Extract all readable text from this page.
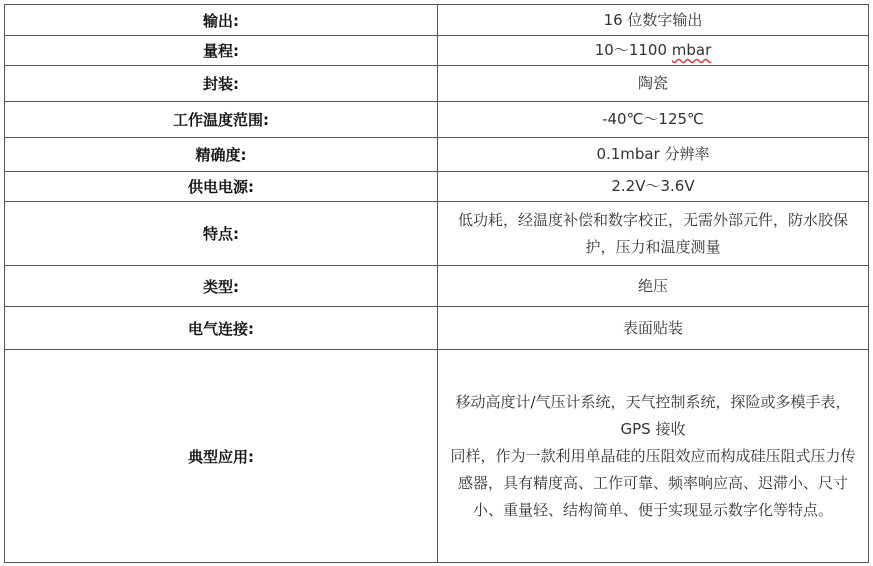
输出:	16 位数字输出
量程:	10～1100 mbar
封装:	陶瓷
工作温度范围:	-40℃～125℃
精确度:	0.1mbar 分辨率
供电电源:	2.2V～3.6V
特点:	低功耗，经温度补偿和数字校正，无需外部元件，防水胶保护，压力和温度测量
类型:	绝压
电气连接:	表面贴装
典型应用:	移动高度计/气压计系统，天气控制系统，探险或多模手表，GPS 接收
同样，作为一款利用单晶硅的压阻效应而构成硅压阻式压力传感器，具有精度高、工作可靠、频率响应高、迟滞小、尺寸小、重量轻、结构简单、便于实现显示数字化等特点。
